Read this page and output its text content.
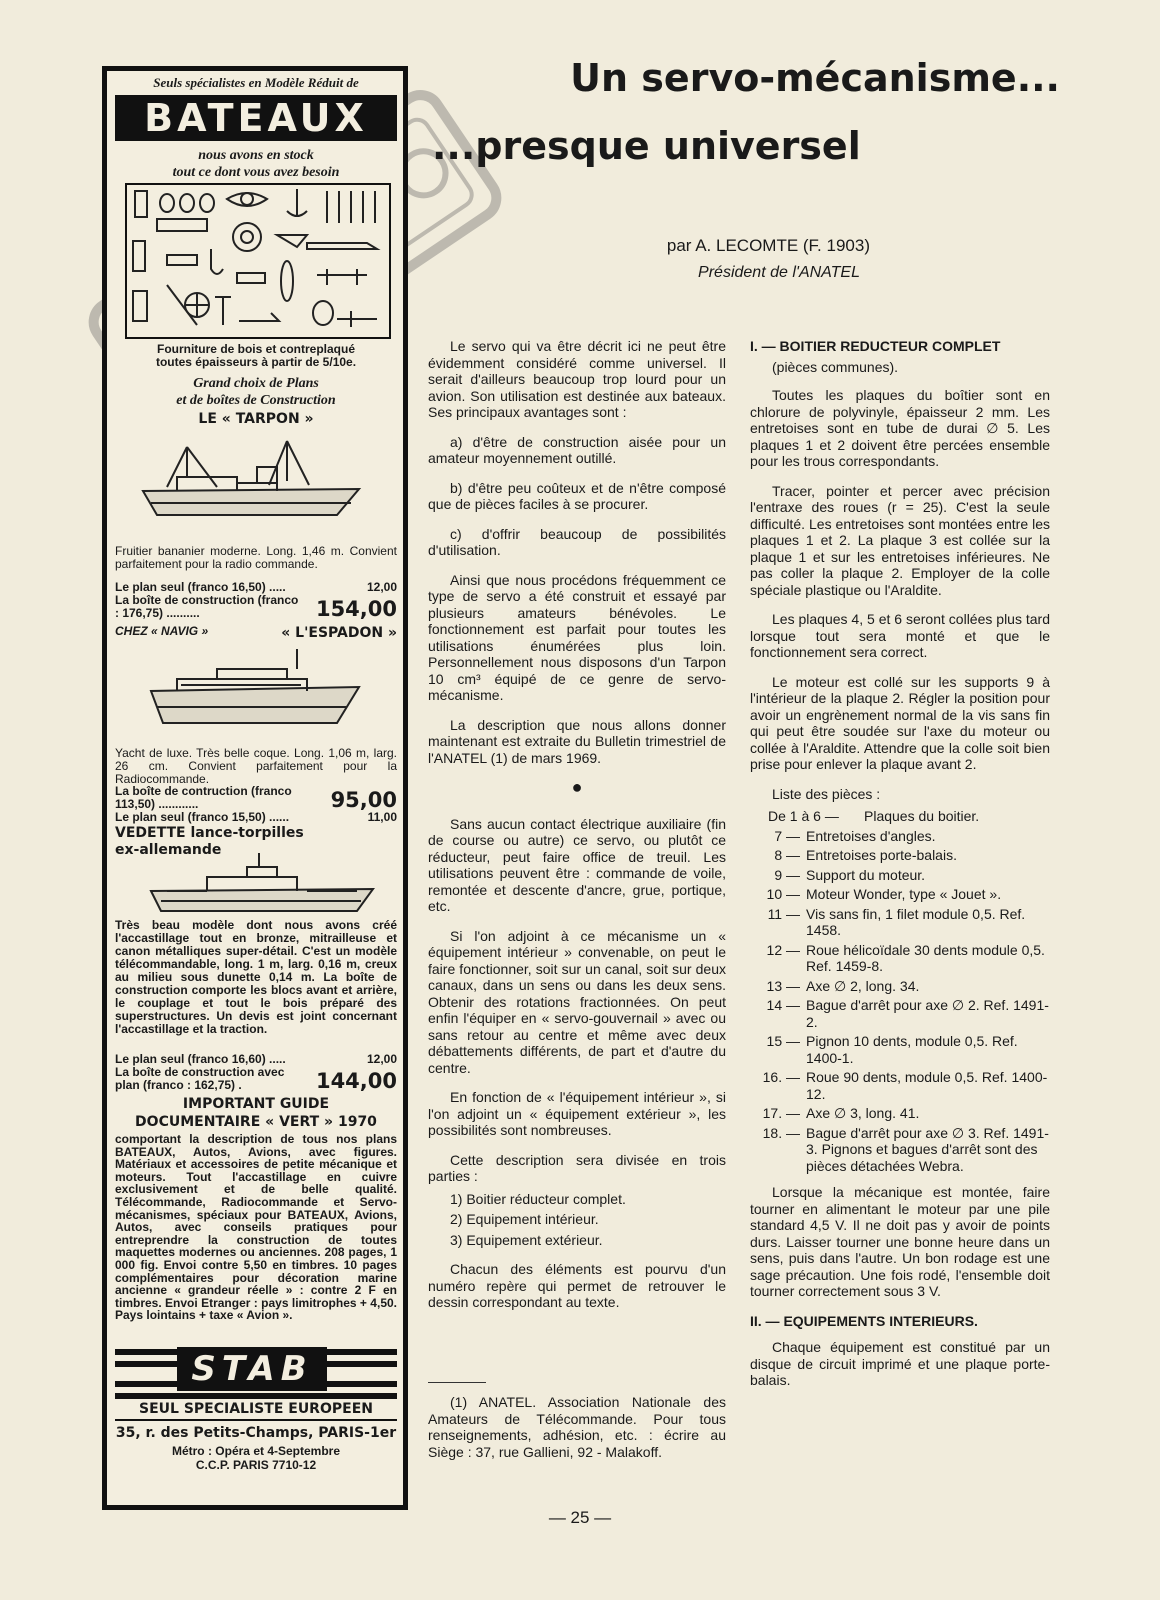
Seuls spécialistes en Modèle Réduit de
BATEAUX
nous avons en stock
tout ce dont vous avez besoin
Fourniture de bois et contreplaqué
toutes épaisseurs à partir de 5/10e.
Grand choix de Plans
et de boîtes de Construction
LE « TARPON »
Fruitier bananier moderne. Long. 1,46 m. Convient parfaitement pour la radio commande.
Le plan seul (franco 16,50) .....	12,00
La boîte de construction (franco : 176,75) ..........	154,00
CHEZ « NAVIG »	« L'ESPADON »
Yacht de luxe. Très belle coque. Long. 1,06 m, larg. 26 cm. Convient parfaitement pour la Radiocommande.
La boîte de contruction (franco 113,50) ............	95,00
Le plan seul (franco 15,50) ......	11,00
VEDETTE lance-torpilles ex-allemande
Très beau modèle dont nous avons créé l'accastillage tout en bronze, mitrailleuse et canon métalliques super-détail. C'est un modèle télécommandable, long. 1 m, larg. 0,16 m, creux au milieu sous dunette 0,14 m. La boîte de construction comporte les blocs avant et arrière, le couplage et tout le bois préparé des superstructures. Un devis est joint concernant l'accastillage et la traction.
Le plan seul (franco 16,60) .....	12,00
La boîte de construction avec plan (franco : 162,75) .	144,00
IMPORTANT GUIDE
DOCUMENTAIRE « VERT » 1970
comportant la description de tous nos plans BATEAUX, Autos, Avions, avec figures. Matériaux et accessoires de petite mécanique et moteurs. Tout l'accastillage en cuivre exclusivement et de belle qualité. Télécommande, Radiocommande et Servo-mécanismes, spéciaux pour BATEAUX, Avions, Autos, avec conseils pratiques pour entreprendre la construction de toutes maquettes modernes ou anciennes. 208 pages, 1 000 fig. Envoi contre 5,50 en timbres. 10 pages complémentaires pour décoration marine ancienne « grandeur réelle » : contre 2 F en timbres. Envoi Etranger : pays limitrophes + 4,50. Pays lointains + taxe « Avion ».
STAB
SEUL SPECIALISTE EUROPEEN
35, r. des Petits-Champs, PARIS-1er
Métro : Opéra et 4-Septembre
C.C.P. PARIS 7710-12
Un servo-mécanisme...
...presque universel
par A. LECOMTE (F. 1903)
Président de l'ANATEL

Le servo qui va être décrit ici ne peut être évidemment considéré comme universel. Il serait d'ailleurs beaucoup trop lourd pour un avion. Son utilisation est destinée aux bateaux. Ses principaux avantages sont :

a) d'être de construction aisée pour un amateur moyennement outillé.

b) d'être peu coûteux et de n'être composé que de pièces faciles à se procurer.

c) d'offrir beaucoup de possibilités d'utilisation.

Ainsi que nous procédons fréquemment ce type de servo a été construit et essayé par plusieurs amateurs bénévoles. Le fonctionnement est parfait pour toutes les utilisations énumérées plus loin. Personnellement nous disposons d'un Tarpon 10 cm³ équipé de ce genre de servo-mécanisme.

La description que nous allons donner maintenant est extraite du Bulletin trimestriel de l'ANATEL (1) de mars 1969.

●

Sans aucun contact électrique auxiliaire (fin de course ou autre) ce servo, ou plutôt ce réducteur, peut faire office de treuil. Les utilisations peuvent être : commande de voile, remontée et descente d'ancre, grue, portique, etc.

Si l'on adjoint à ce mécanisme un « équipement intérieur » convenable, on peut le faire fonctionner, soit sur un canal, soit sur deux canaux, dans un sens ou dans les deux sens. Obtenir des rotations fractionnées. On peut enfin l'équiper en « servo-gouvernail » avec ou sans retour au centre et même avec deux débattements différents, de part et d'autre du centre.

En fonction de « l'équipement intérieur », si l'on adjoint un « équipement extérieur », les possibilités sont nombreuses.

Cette description sera divisée en trois parties :

1) Boitier réducteur complet.

2) Equipement intérieur.

3) Equipement extérieur.

Chacun des éléments est pourvu d'un numéro repère qui permet de retrouver le dessin correspondant au texte.

(1) ANATEL. Association Nationale des Amateurs de Télécommande. Pour tous renseignements, adhésion, etc. : écrire au Siège : 37, rue Gallieni, 92 - Malakoff.

I. — BOITIER REDUCTEUR COMPLET

(pièces communes).

Toutes les plaques du boîtier sont en chlorure de polyvinyle, épaisseur 2 mm. Les entretoises sont en tube de durai ∅ 5. Les plaques 1 et 2 doivent être percées ensemble pour les trous correspondants.

Tracer, pointer et percer avec précision l'entraxe des roues (r = 25). C'est la seule difficulté. Les entretoises sont montées entre les plaques 1 et 2. La plaque 3 est collée sur la plaque 1 et sur les entretoises inférieures. Ne pas coller la plaque 2. Employer de la colle spéciale plastique ou l'Araldite.

Les plaques 4, 5 et 6 seront collées plus tard lorsque tout sera monté et que le fonctionnement sera correct.

Le moteur est collé sur les supports 9 à l'intérieur de la plaque 2. Régler la position pour avoir un engrènement normal de la vis sans fin qui peut être soudée sur l'axe du moteur ou collée à l'Araldite. Attendre que la colle soit bien prise pour enlever la plaque avant 2.

Liste des pièces :

De 1 à 6 —	Plaques du boitier.
7 — Entretoises d'angles.
8 — Entretoises porte-balais.
9 — Support du moteur.
10 — Moteur Wonder, type « Jouet ».
11 — Vis sans fin, 1 filet module 0,5. Ref. 1458.
12 — Roue hélicoïdale 30 dents module 0,5. Ref. 1459-8.
13 — Axe ∅ 2, long. 34.
14 — Bague d'arrêt pour axe ∅ 2. Ref. 1491-2.
15 — Pignon 10 dents, module 0,5. Ref. 1400-1.
16. — Roue 90 dents, module 0,5. Ref. 1400-12.
17. — Axe ∅ 3, long. 41.
18. — Bague d'arrêt pour axe ∅ 3. Ref. 1491-3. Pignons et bagues d'arrêt sont des pièces détachées Webra.

Lorsque la mécanique est montée, faire tourner en alimentant le moteur par une pile standard 4,5 V. Il ne doit pas y avoir de points durs. Laisser tourner une bonne heure dans un sens, puis dans l'autre. Un bon rodage est une sage précaution. Une fois rodé, l'ensemble doit tourner correctement sous 3 V.

II. — EQUIPEMENTS INTERIEURS.

Chaque équipement est constitué par un disque de circuit imprimé et une plaque porte-balais.

— 25 —
